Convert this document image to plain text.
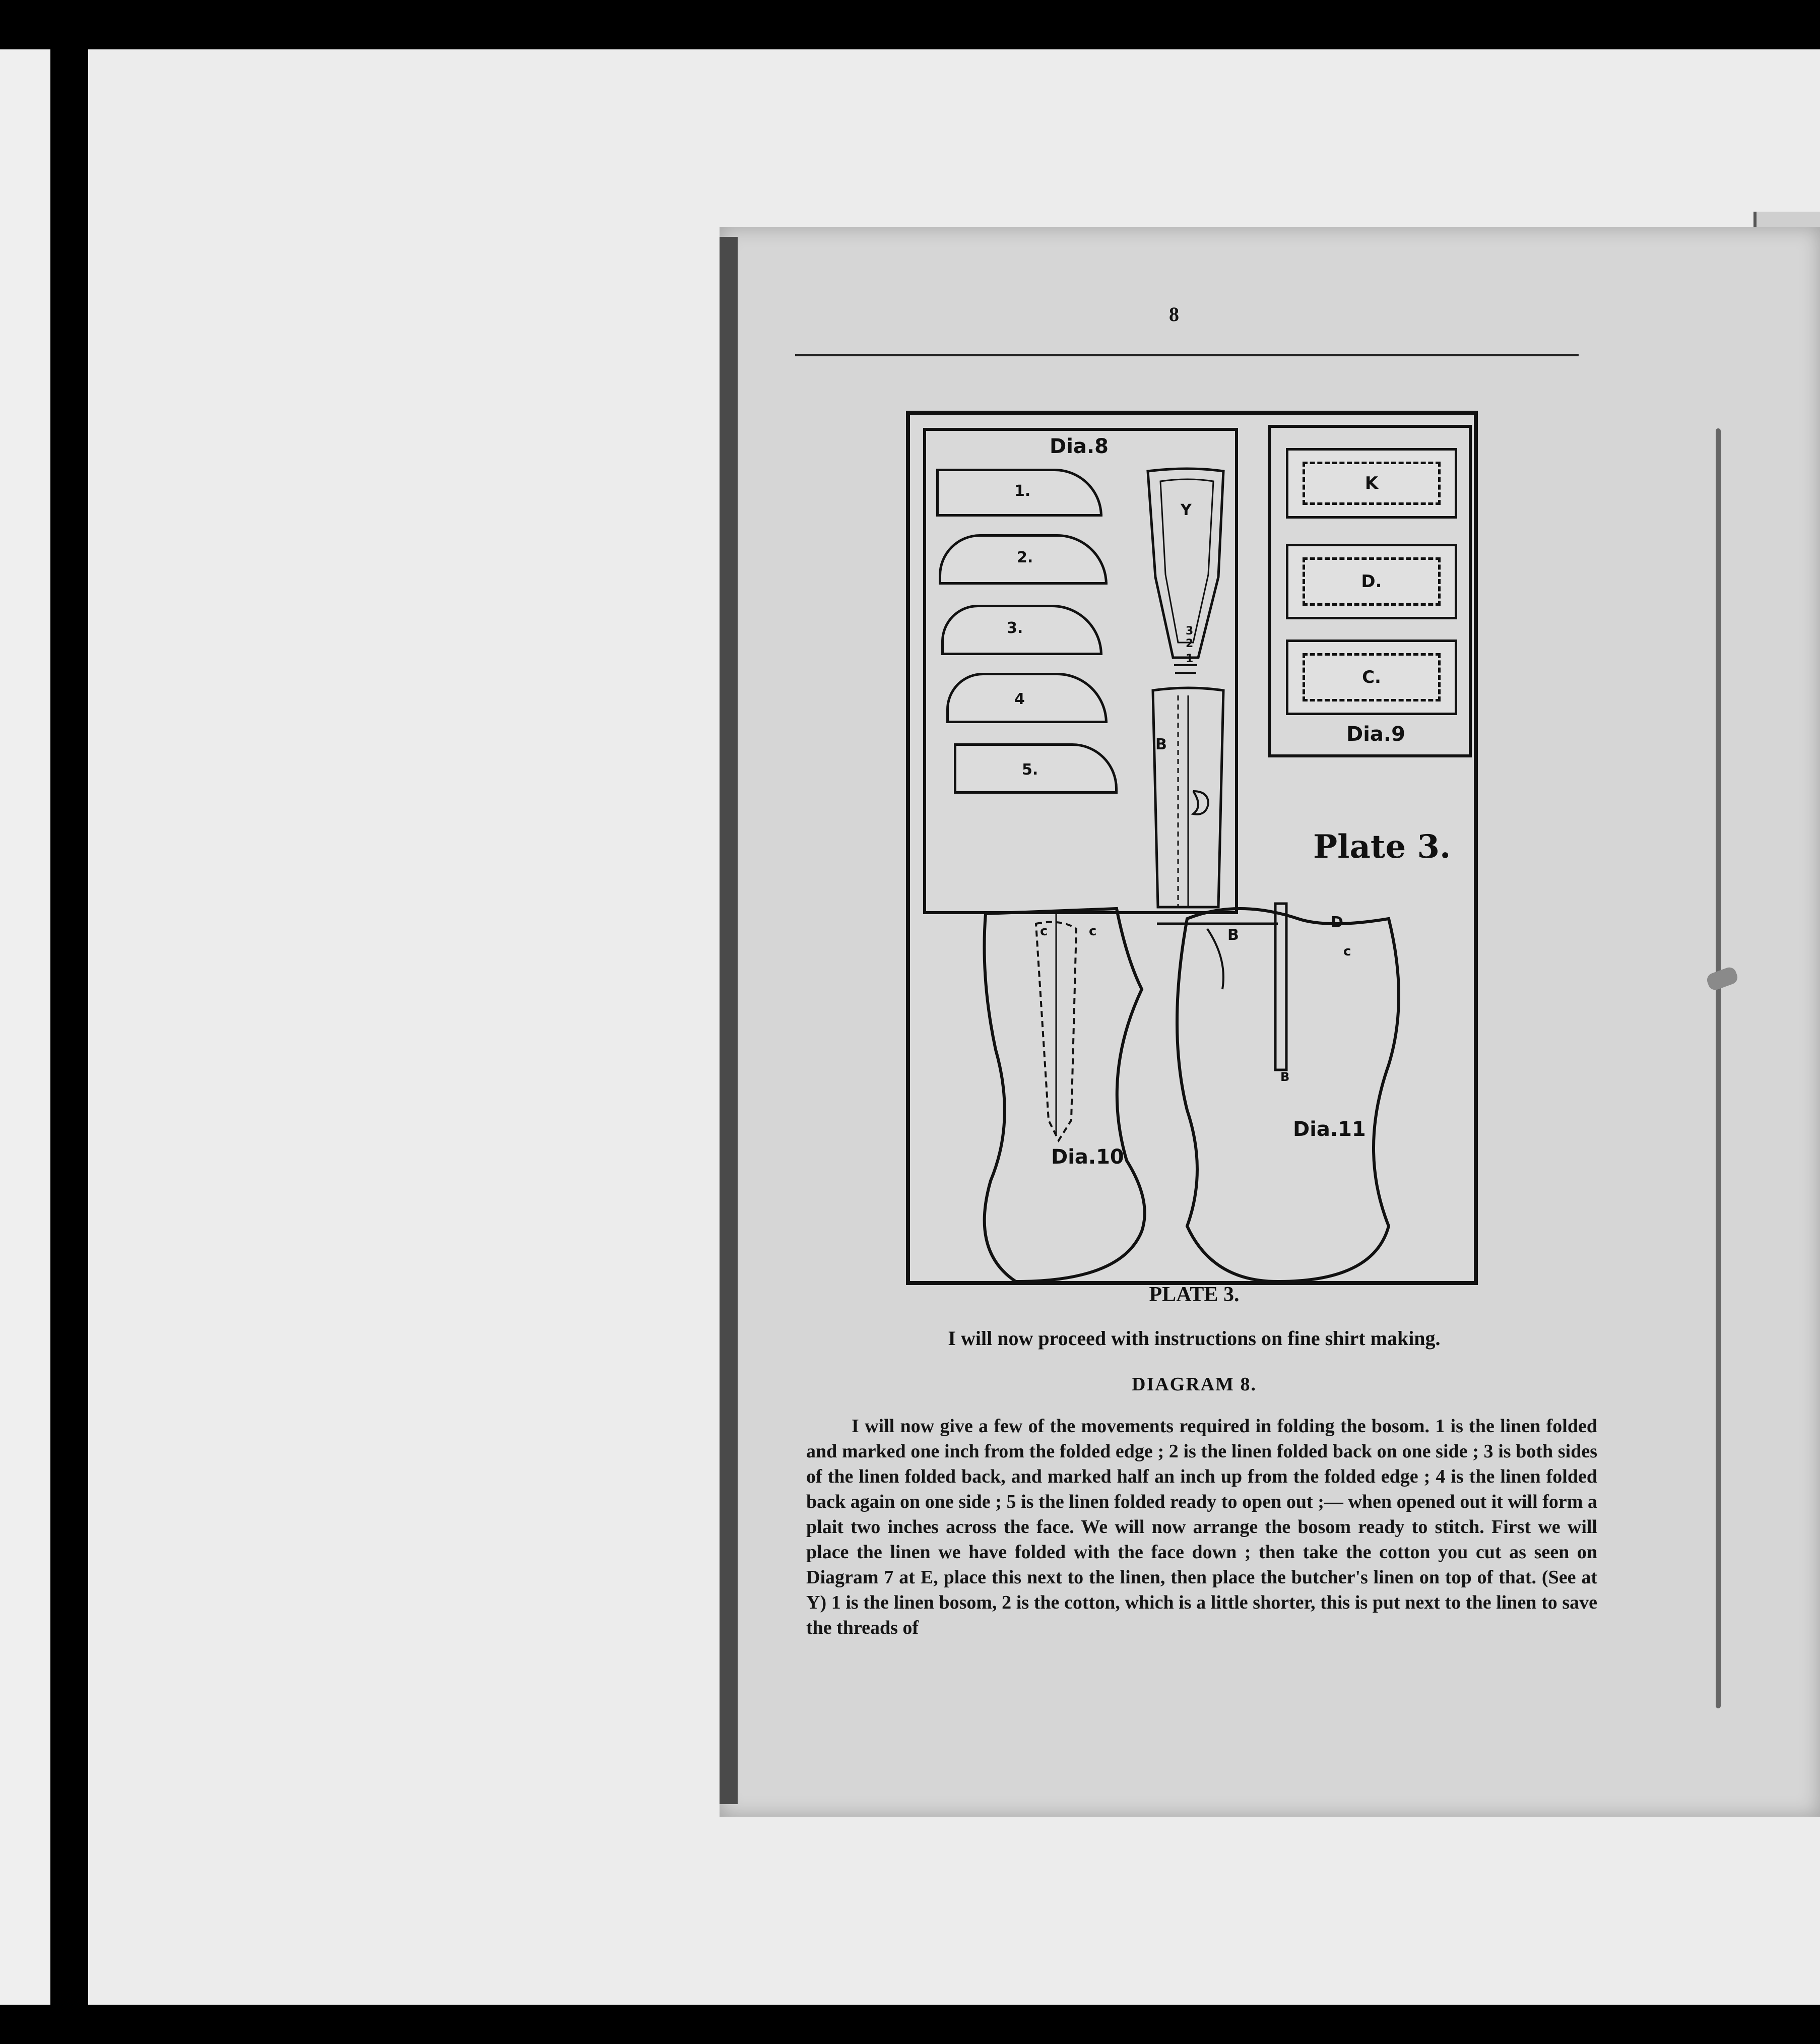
8
Dia.8
1.
2.
3.
4
5.
Y
3
2
1
B
K
D.
C.
Dia.9
Plate 3.
c	c	B
D
c
B
Dia.10
Dia.11
PLATE 3.
I will now proceed with instructions on fine shirt making.
DIAGRAM 8.
I will now give a few of the movements required in folding the bosom. 1 is the linen folded and marked one inch from the folded edge ; 2 is the linen folded back on one side ; 3 is both sides of the linen folded back, and marked half an inch up from the folded edge ; 4 is the linen folded back again on one side ; 5 is the linen folded ready to open out ;— when opened out it will form a plait two inches across the face. We will now arrange the bosom ready to stitch. First we will place the linen we have folded with the face down ; then take the cotton you cut as seen on Diagram 7 at E, place this next to the linen, then place the butcher's linen on top of that. (See at Y) 1 is the linen bosom, 2 is the cotton, which is a little shorter, this is put next to the linen to save the threads of
